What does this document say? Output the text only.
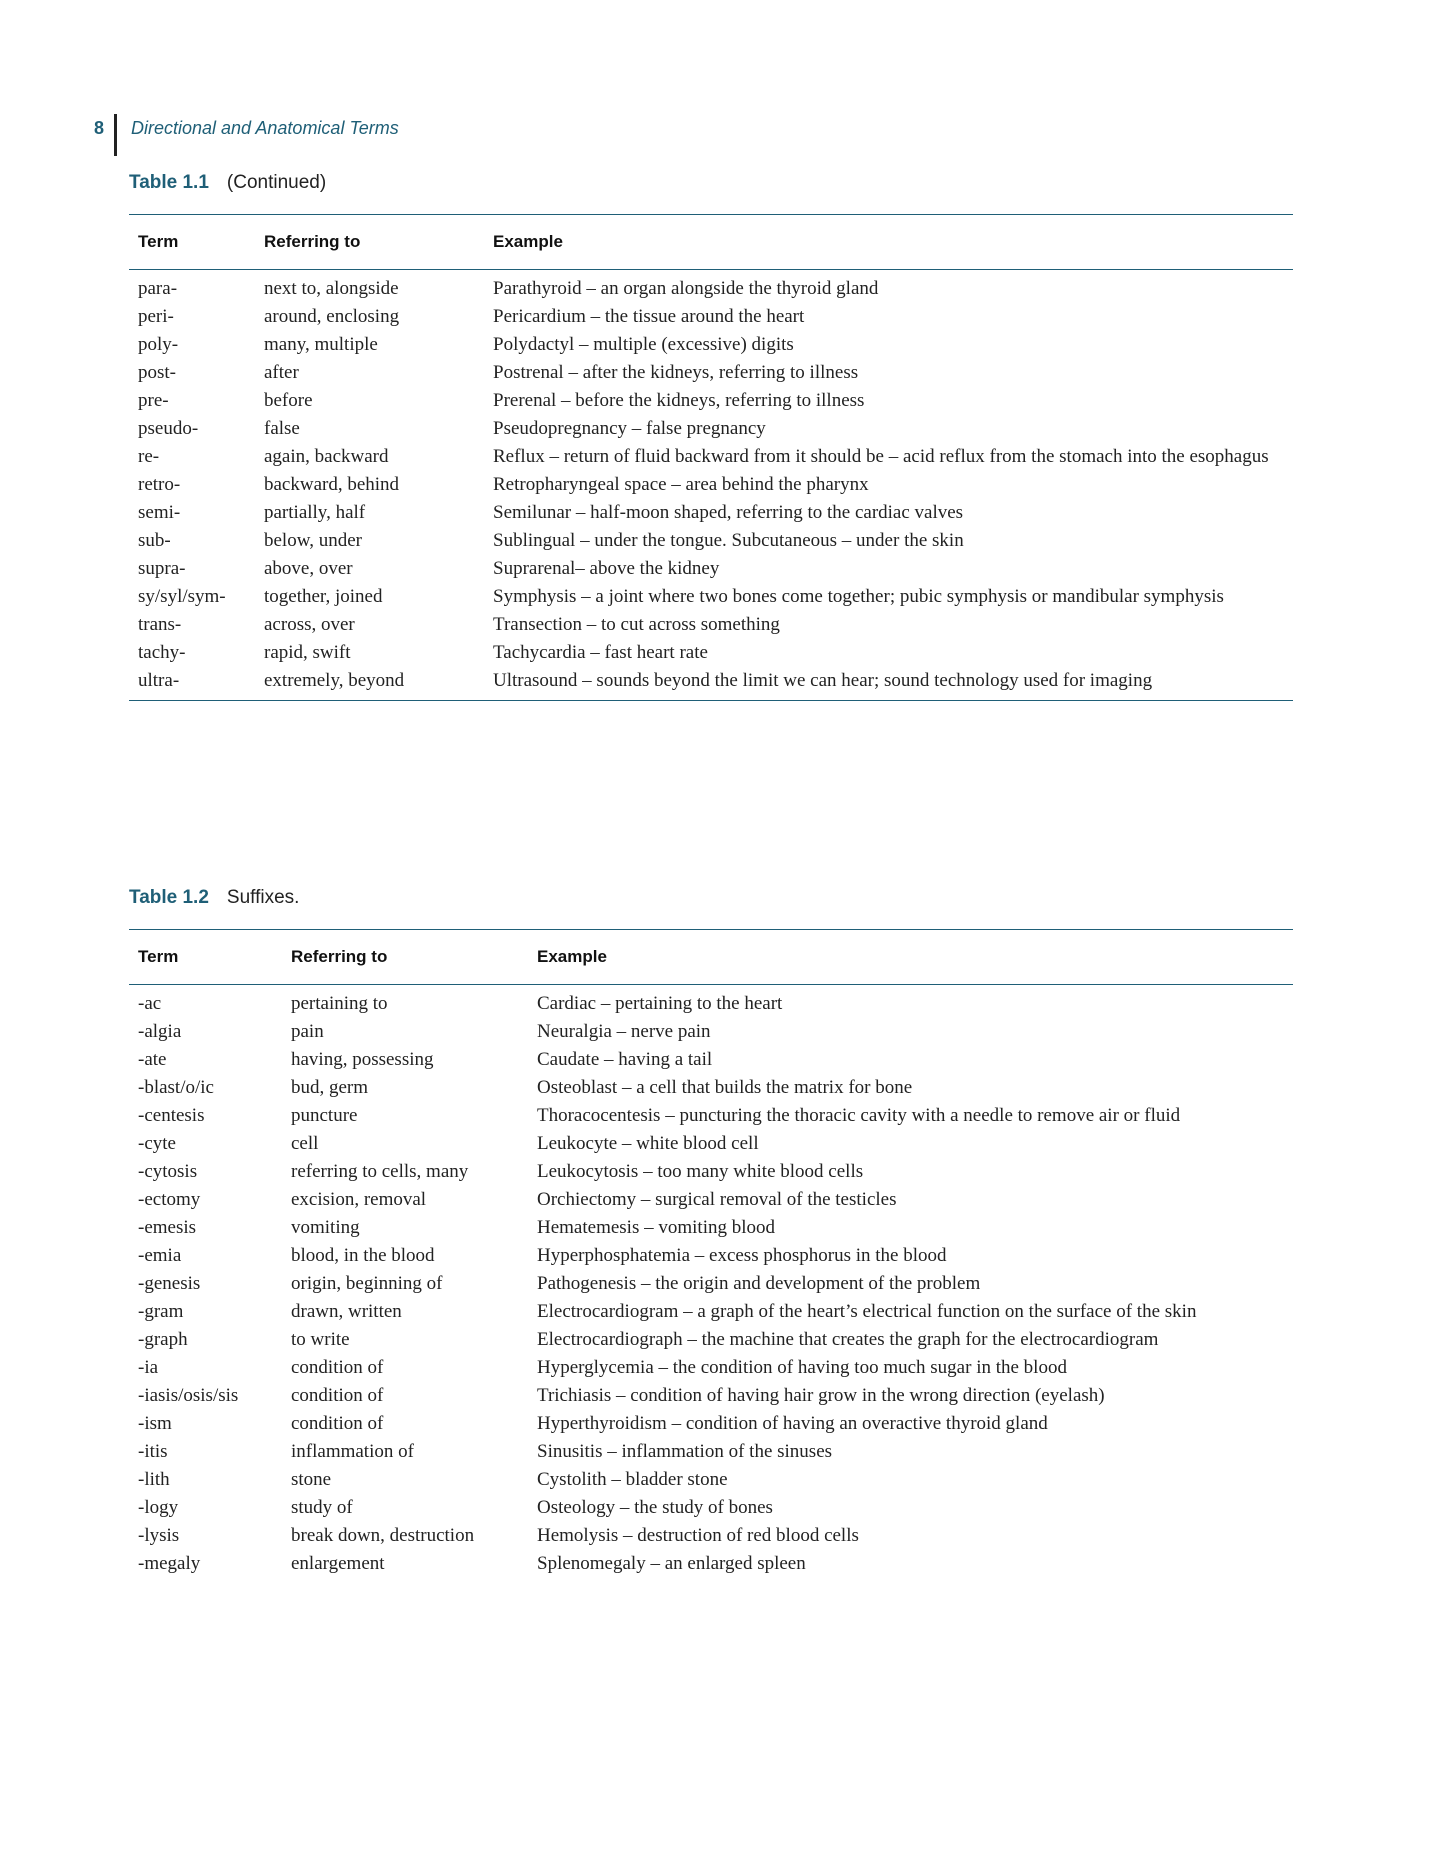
8 Directional and Anatomical Terms
Table 1.1 (Continued)
Term	Referring to	Example
para-	next to, alongside	Parathyroid – an organ alongside the thyroid gland
peri-	around, enclosing	Pericardium – the tissue around the heart
poly-	many, multiple	Polydactyl – multiple (excessive) digits
post-	after	Postrenal – after the kidneys, referring to illness
pre-	before	Prerenal – before the kidneys, referring to illness
pseudo-	false	Pseudopregnancy – false pregnancy
re-	again, backward	Reflux – return of fluid backward from it should be – acid reflux from the stomach into the esophagus
retro-	backward, behind	Retropharyngeal space – area behind the pharynx
semi-	partially, half	Semilunar – half-moon shaped, referring to the cardiac valves
sub-	below, under	Sublingual – under the tongue. Subcutaneous – under the skin
supra-	above, over	Suprarenal– above the kidney
sy/syl/sym-	together, joined	Symphysis – a joint where two bones come together; pubic symphysis or mandibular symphysis
trans-	across, over	Transection – to cut across something
tachy-	rapid, swift	Tachycardia – fast heart rate
ultra-	extremely, beyond	Ultrasound – sounds beyond the limit we can hear; sound technology used for imaging
Table 1.2 Suffixes.
Term	Referring to	Example
-ac	pertaining to	Cardiac – pertaining to the heart
-algia	pain	Neuralgia – nerve pain
-ate	having, possessing	Caudate – having a tail
-blast/o/ic	bud, germ	Osteoblast – a cell that builds the matrix for bone
-centesis	puncture	Thoracocentesis – puncturing the thoracic cavity with a needle to remove air or fluid
-cyte	cell	Leukocyte – white blood cell
-cytosis	referring to cells, many	Leukocytosis – too many white blood cells
-ectomy	excision, removal	Orchiectomy – surgical removal of the testicles
-emesis	vomiting	Hematemesis – vomiting blood
-emia	blood, in the blood	Hyperphosphatemia – excess phosphorus in the blood
-genesis	origin, beginning of	Pathogenesis – the origin and development of the problem
-gram	drawn, written	Electrocardiogram – a graph of the heart’s electrical function on the surface of the skin
-graph	to write	Electrocardiograph – the machine that creates the graph for the electrocardiogram
-ia	condition of	Hyperglycemia – the condition of having too much sugar in the blood
-iasis/osis/sis	condition of	Trichiasis – condition of having hair grow in the wrong direction (eyelash)
-ism	condition of	Hyperthyroidism – condition of having an overactive thyroid gland
-itis	inflammation of	Sinusitis – inflammation of the sinuses
-lith	stone	Cystolith – bladder stone
-logy	study of	Osteology – the study of bones
-lysis	break down, destruction	Hemolysis – destruction of red blood cells
-megaly	enlargement	Splenomegaly – an enlarged spleen
